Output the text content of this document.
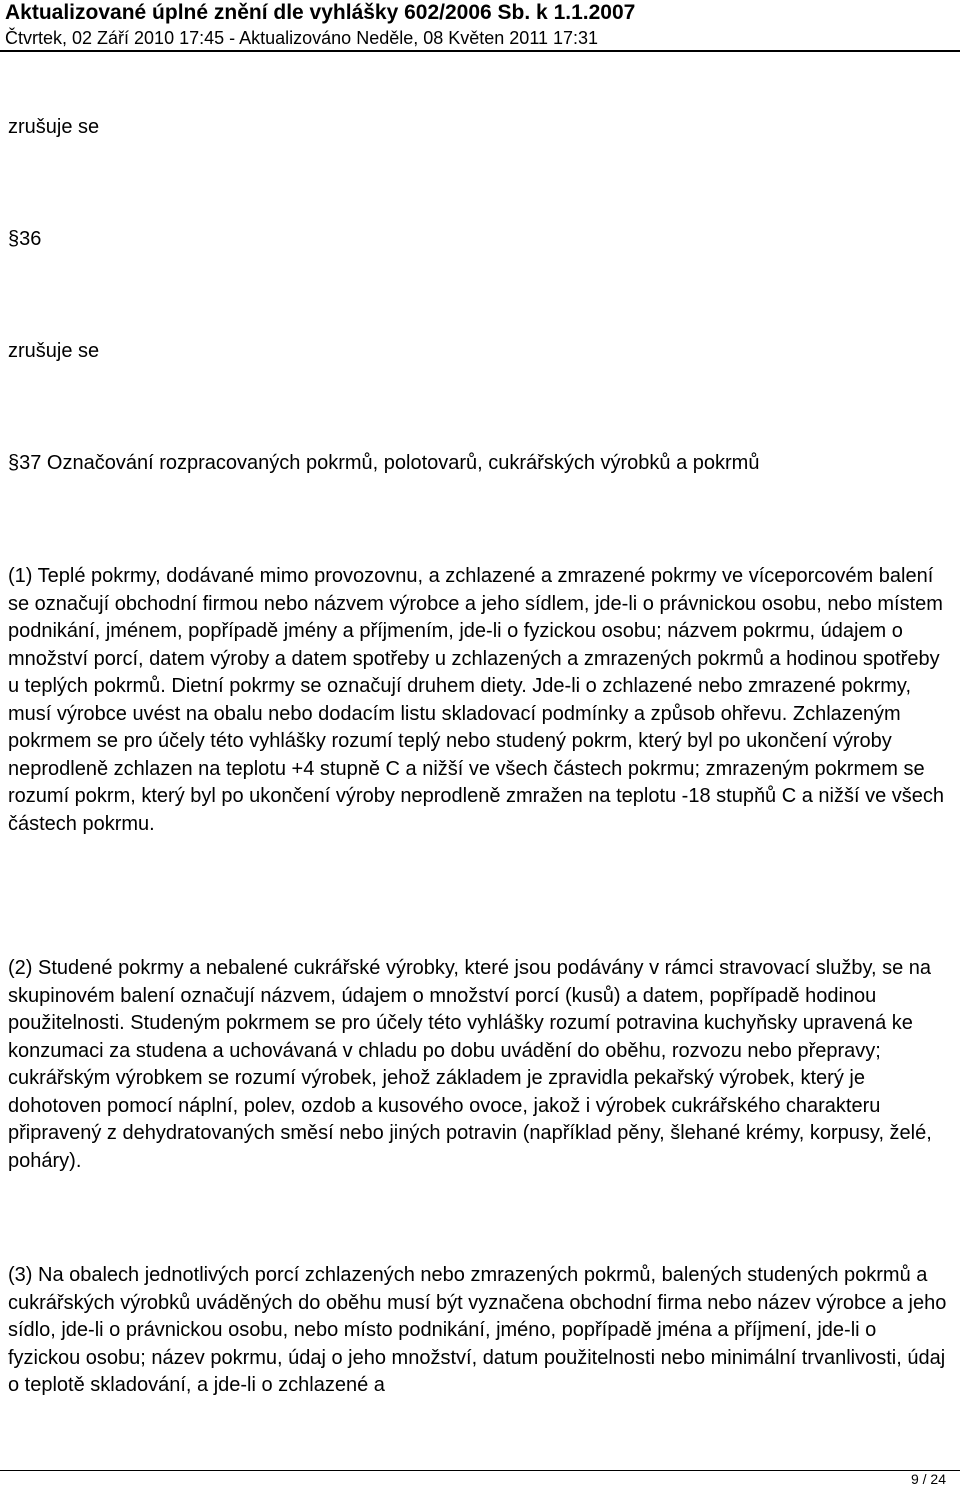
Aktualizované úplné znění dle vyhlášky 602/2006 Sb. k 1.1.2007
Čtvrtek, 02 Září 2010 17:45 - Aktualizováno Neděle, 08 Květen 2011 17:31
zrušuje se
§36
zrušuje se
§37 Označování rozpracovaných pokrmů, polotovarů, cukrářských výrobků a pokrmů

(1) Teplé pokrmy, dodávané mimo provozovnu, a zchlazené a zmrazené pokrmy ve víceporcovém balení se označují obchodní firmou nebo názvem výrobce a jeho sídlem, jde-li o právnickou osobu, nebo místem podnikání, jménem, popřípadě jmény a příjmením, jde-li o fyzickou osobu; názvem pokrmu, údajem o množství porcí, datem výroby a datem spotřeby u zchlazených a zmrazených pokrmů a hodinou spotřeby u teplých pokrmů. Dietní pokrmy se označují druhem diety. Jde-li o zchlazené nebo zmrazené pokrmy, musí výrobce uvést na obalu nebo dodacím listu skladovací podmínky a způsob ohřevu. Zchlazeným pokrmem se pro účely této vyhlášky rozumí teplý nebo studený pokrm, který byl po ukončení výroby neprodleně zchlazen na teplotu +4 stupně C a nižší ve všech částech pokrmu; zmrazeným pokrmem se rozumí pokrm, který byl po ukončení výroby neprodleně zmražen na teplotu -18 stupňů C a nižší ve všech částech pokrmu.

(2) Studené pokrmy a nebalené cukrářské výrobky, které jsou podávány v rámci stravovací služby, se na skupinovém balení označují názvem, údajem o množství porcí (kusů) a datem, popřípadě hodinou použitelnosti. Studeným pokrmem se pro účely této vyhlášky rozumí potravina kuchyňsky upravená ke konzumaci za studena a uchovávaná v chladu po dobu uvádění do oběhu, rozvozu nebo přepravy; cukrářským výrobkem se rozumí výrobek, jehož základem je zpravidla pekařský výrobek, který je dohotoven pomocí náplní, polev, ozdob a kusového ovoce, jakož i výrobek cukrářského charakteru připravený z dehydratovaných směsí nebo jiných potravin (například pěny, šlehané krémy, korpusy, želé, poháry).

(3) Na obalech jednotlivých porcí zchlazených nebo zmrazených pokrmů, balených studených pokrmů a cukrářských výrobků uváděných do oběhu musí být vyznačena obchodní firma nebo název výrobce a jeho sídlo, jde-li o právnickou osobu, nebo místo podnikání, jméno, popřípadě jména a příjmení, jde-li o fyzickou osobu; název pokrmu, údaj o jeho množství, datum použitelnosti nebo minimální trvanlivosti, údaj o teplotě skladování, a jde-li o zchlazené a

9 / 24
